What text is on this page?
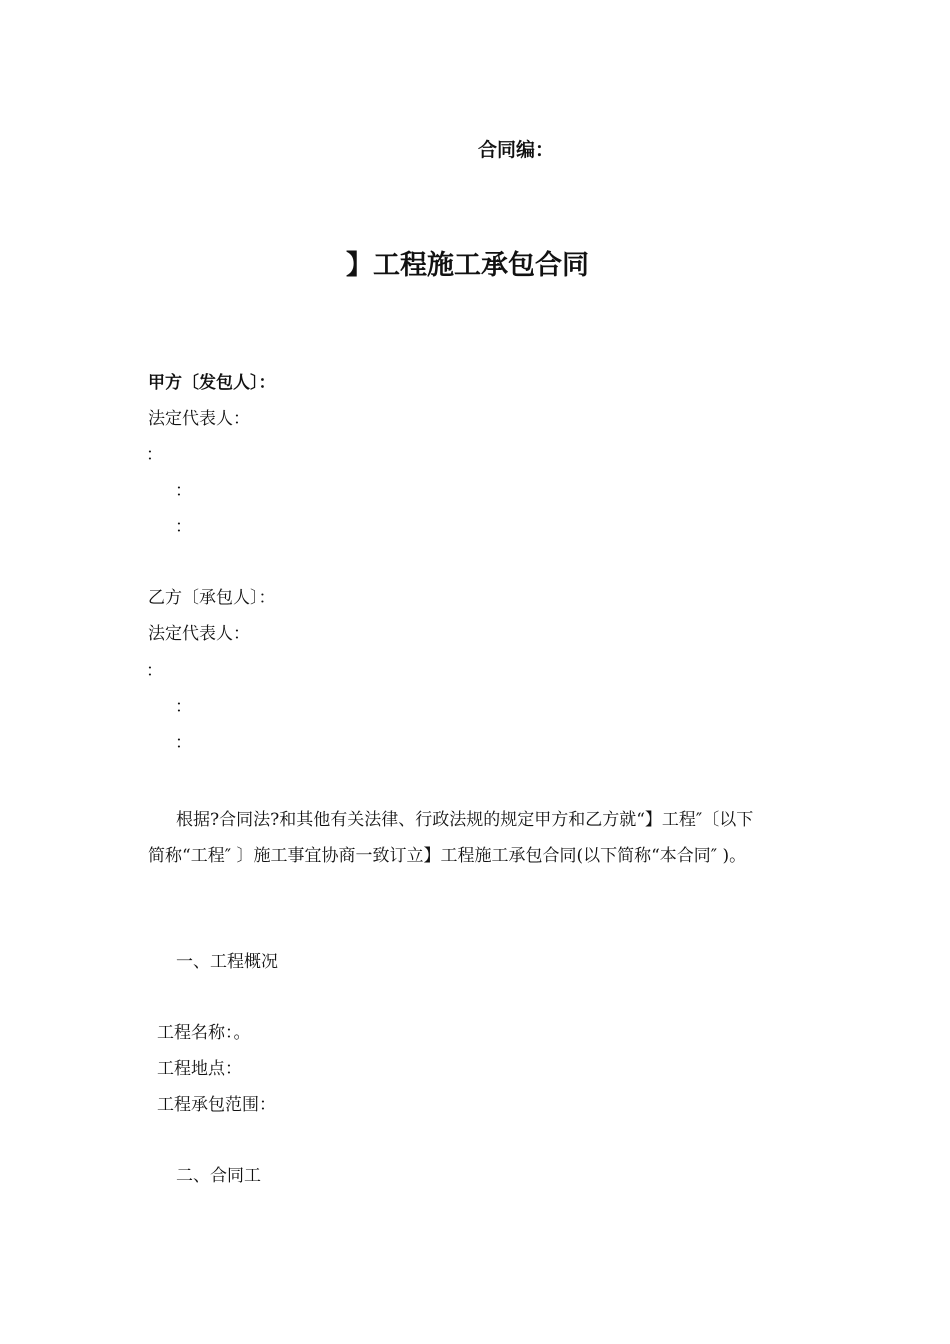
合同编：
】工程施工承包合同
甲方〔发包人〕：
法定代表人：
：
：
：
乙方〔承包人〕：
法定代表人：
：
：
：
根据?合同法?和其他有关法律、行政法规的规定甲方和乙方就“】工程″〔以下简称“工程″ 〕施工事宜协商一致订立】工程施工承包合同(以下简称“本合同″ )。
一、工程概况
工程名称：。
工程地点：
工程承包范围：
二、合同工
